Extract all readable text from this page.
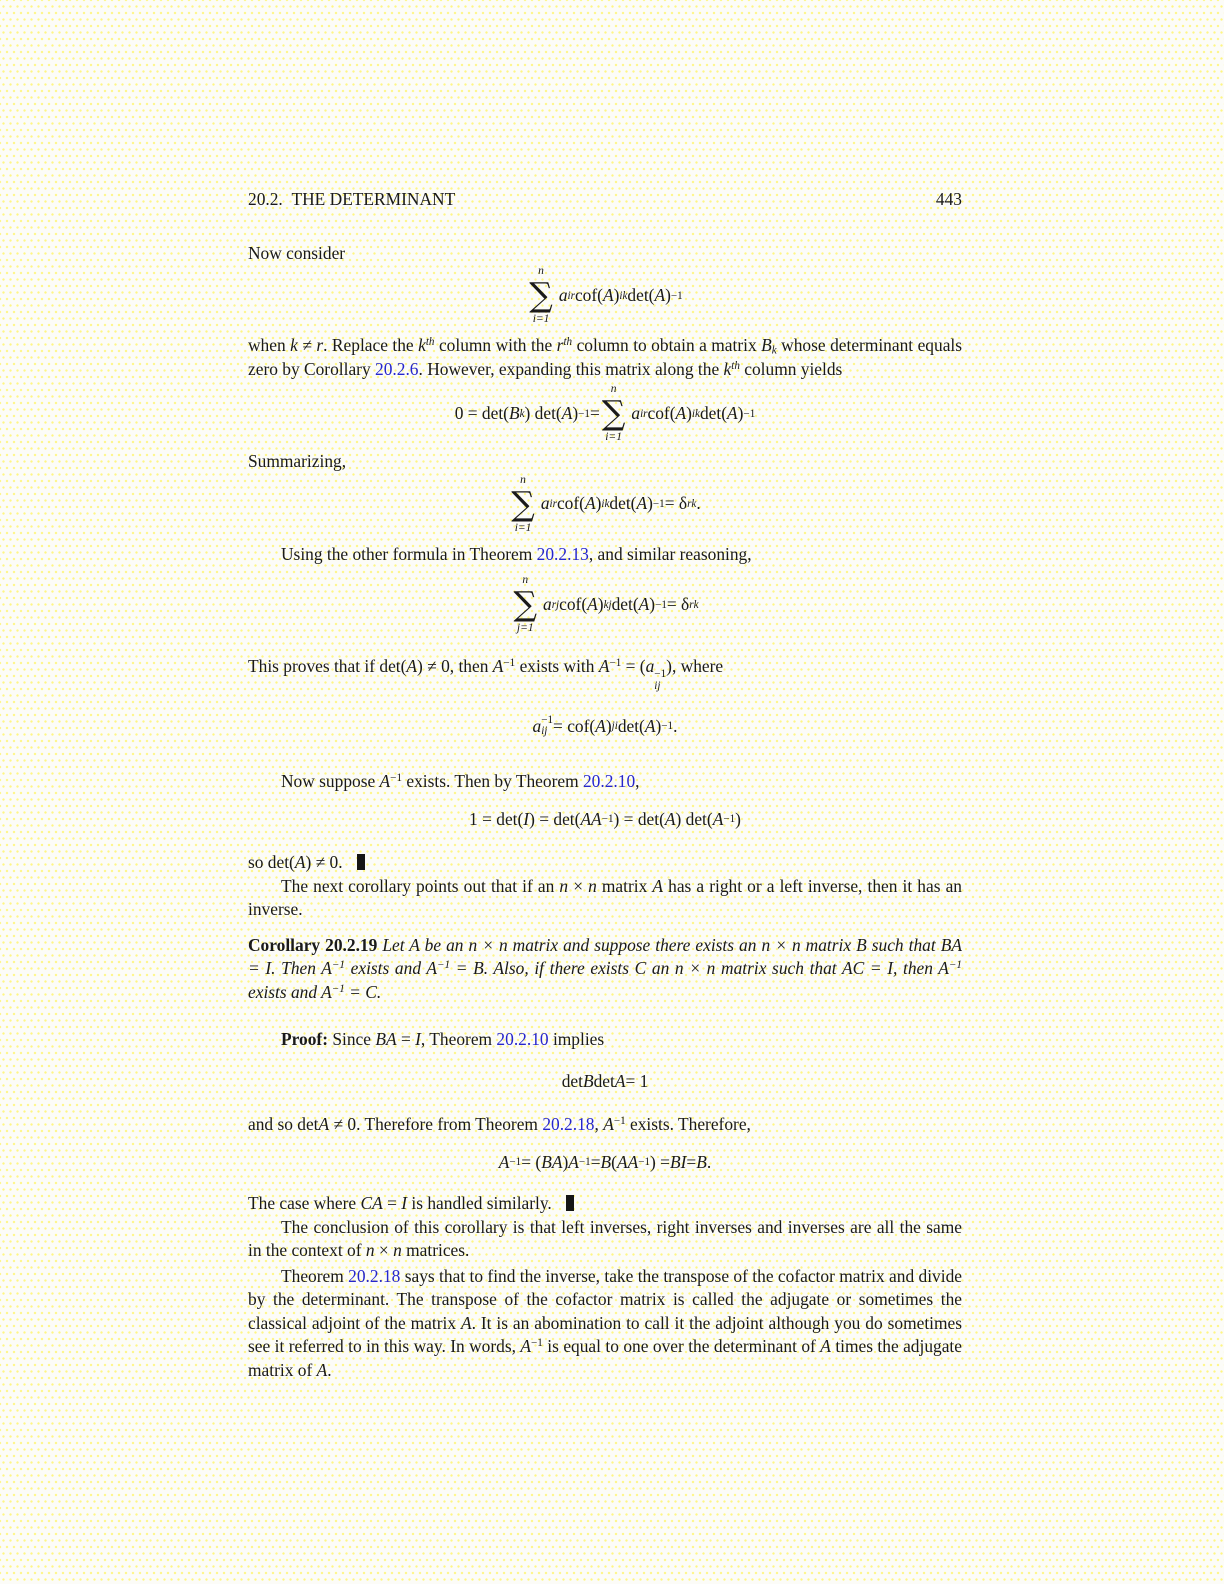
20.2. THE DETERMINANT	443

Now consider

n
∑
i=1
a ir cof( A ) ik det( A ) −1

when k ≠ r. Replace the $k^{th}$ column with the $r^{th}$ column to obtain a matrix $B_k$ whose determinant equals zero by Corollary 20.2.6. However, expanding this matrix along the $k^{th}$ column yields

0 = det( B k ) det( A ) −1 =
n
∑
i=1
a ir cof( A ) ik det( A ) −1

Summarizing,

n
∑
i=1
a ir cof( A ) ik det( A ) −1 = δ rk .

Using the other formula in Theorem 20.2.13, and similar reasoning,

n
∑
j=1
a rj cof( A ) kj det( A ) −1 = δ rk

This proves that if det(A) ≠ 0, then $A^{-1}$ exists with $A^{-1} = (a -1$
ij
), where

a −1
ij = cof( A ) ji det( A ) −1 .

Now suppose $A^{-1}$ exists. Then by Theorem 20.2.10,

1 = det( I ) = det( AA −1 ) = det( A ) det( A −1 )

so det(A) ≠ 0.

The next corollary points out that if an n × n matrix A has a right or a left inverse, then it has an inverse.

Corollary 20.2.19 Let A be an n × n matrix and suppose there exists an n × n matrix B such that BA = I. Then $A^{-1}$ exists and $A^{-1} = B$. Also, if there exists C an n × n matrix such that AC = I, then $A^{-1}$ exists and $A^{-1} = C$.

Proof: Since BA = I, Theorem 20.2.10 implies

det B det A = 1

and so detA ≠ 0. Therefore from Theorem 20.2.18, $A^{-1}$ exists. Therefore,

A −1 = ( BA ) A −1 = B ( AA −1 ) = BI = B .

The case where CA = I is handled similarly.

The conclusion of this corollary is that left inverses, right inverses and inverses are all the same in the context of n × n matrices.

Theorem 20.2.18 says that to find the inverse, take the transpose of the cofactor matrix and divide by the determinant. The transpose of the cofactor matrix is called the adjugate or sometimes the classical adjoint of the matrix A. It is an abomination to call it the adjoint although you do sometimes see it referred to in this way. In words, $A^{-1}$ is equal to one over the determinant of A times the adjugate matrix of A.
